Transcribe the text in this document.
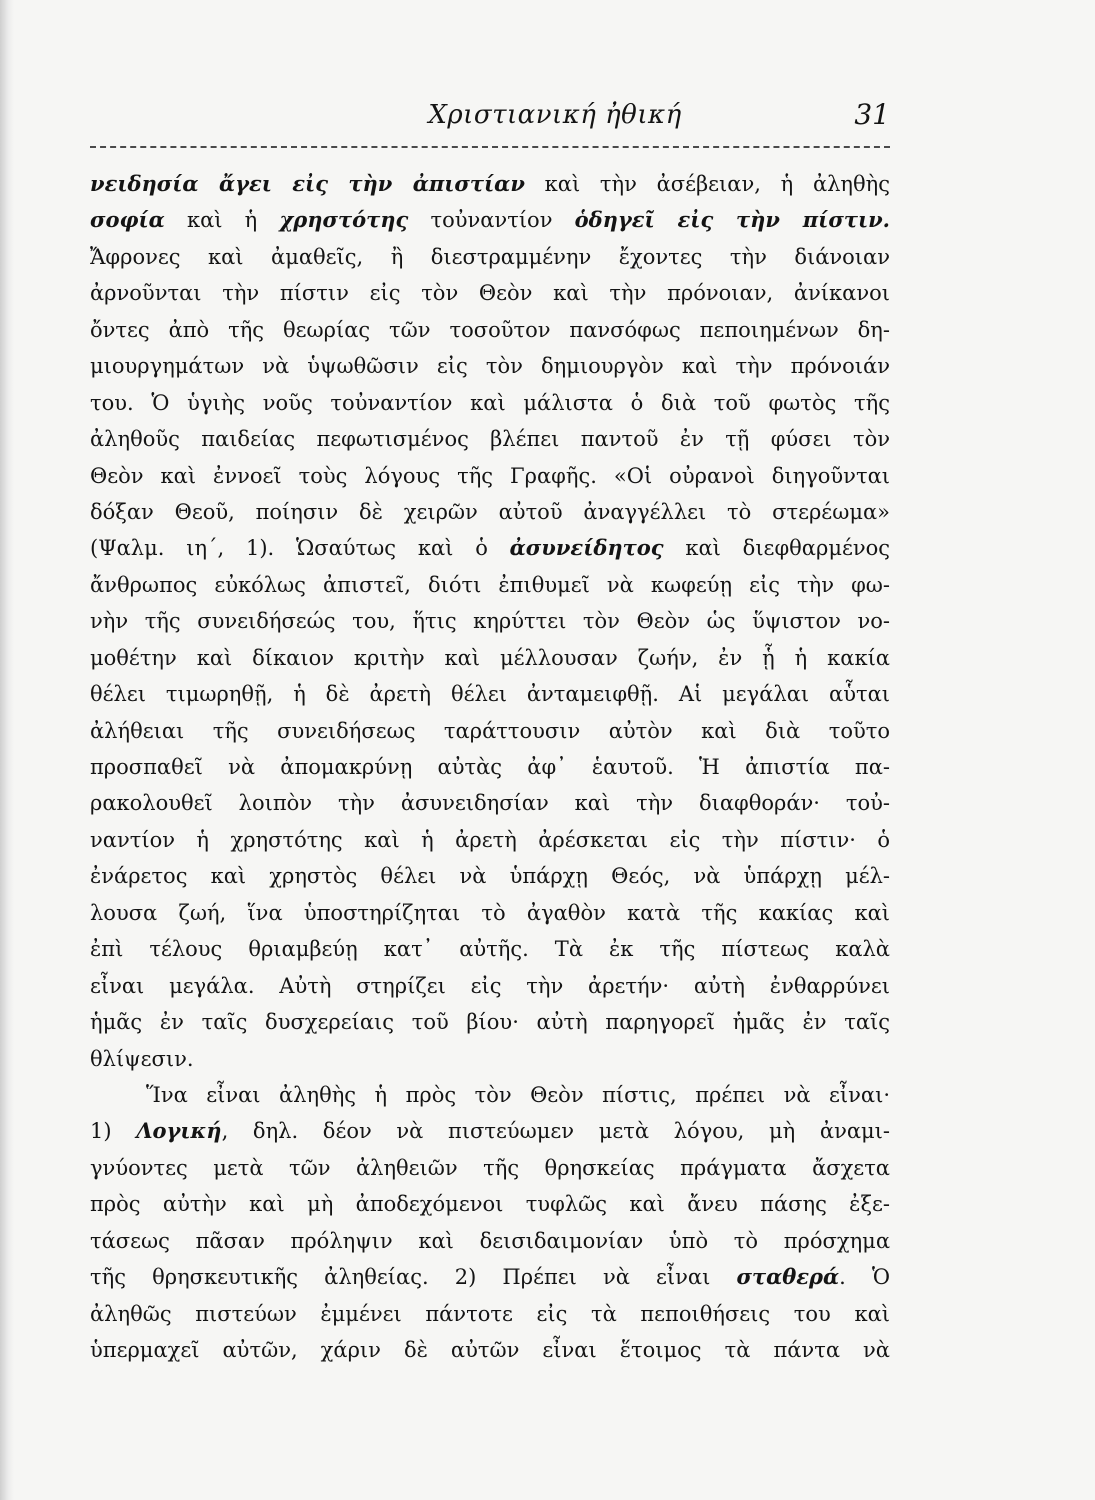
Χριστιανική ἠθική	31
νειδησία ἄγει εἰς τὴν ἀπιστίαν καὶ τὴν ἀσέβειαν, ἡ ἀληθὴς
σοφία καὶ ἡ χρηστότης τοὐναντίον ὁδηγεῖ εἰς τὴν πίστιν.
Ἄφρονες καὶ ἀμαθεῖς, ἢ διεστραμμένην ἔχοντες τὴν διάνοιαν
ἀρνοῦνται τὴν πίστιν εἰς τὸν Θεὸν καὶ τὴν πρόνοιαν, ἀνίκανοι
ὄντες ἀπὸ τῆς θεωρίας τῶν τοσοῦτον πανσόφως πεποιημένων δη-
μιουργημάτων νὰ ὑψωθῶσιν εἰς τὸν δημιουργὸν καὶ τὴν πρόνοιάν
του. Ὁ ὑγιὴς νοῦς τοὐναντίον καὶ μάλιστα ὁ διὰ τοῦ φωτὸς τῆς
ἀληθοῦς παιδείας πεφωτισμένος βλέπει παντοῦ ἐν τῇ φύσει τὸν
Θεὸν καὶ ἐννοεῖ τοὺς λόγους τῆς Γραφῆς. «Οἱ οὐρανοὶ διηγοῦνται
δόξαν Θεοῦ, ποίησιν δὲ χειρῶν αὐτοῦ ἀναγγέλλει τὸ στερέωμα»
(Ψαλμ. ιη΄, 1). Ὡσαύτως καὶ ὁ ἀσυνείδητος καὶ διεφθαρμένος
ἄνθρωπος εὐκόλως ἀπιστεῖ, διότι ἐπιθυμεῖ νὰ κωφεύῃ εἰς τὴν φω-
νὴν τῆς συνειδήσεώς του, ἥτις κηρύττει τὸν Θεὸν ὡς ὕψιστον νο-
μοθέτην καὶ δίκαιον κριτὴν καὶ μέλλουσαν ζωήν, ἐν ᾗ ἡ κακία
θέλει τιμωρηθῇ, ἡ δὲ ἀρετὴ θέλει ἀνταμειφθῇ. Αἱ μεγάλαι αὗται
ἀλήθειαι τῆς συνειδήσεως ταράττουσιν αὐτὸν καὶ διὰ τοῦτο
προσπαθεῖ νὰ ἀπομακρύνῃ αὐτὰς ἀφ᾽ ἑαυτοῦ. Ἡ ἀπιστία πα-
ρακολουθεῖ λοιπὸν τὴν ἀσυνειδησίαν καὶ τὴν διαφθοράν· τοὐ-
ναντίον ἡ χρηστότης καὶ ἡ ἀρετὴ ἀρέσκεται εἰς τὴν πίστιν· ὁ
ἐνάρετος καὶ χρηστὸς θέλει νὰ ὑπάρχῃ Θεός, νὰ ὑπάρχῃ μέλ-
λουσα ζωή, ἵνα ὑποστηρίζηται τὸ ἀγαθὸν κατὰ τῆς κακίας καὶ
ἐπὶ τέλους θριαμβεύῃ κατ᾽ αὐτῆς. Τὰ ἐκ τῆς πίστεως καλὰ
εἶναι μεγάλα. Αὐτὴ στηρίζει εἰς τὴν ἀρετήν· αὐτὴ ἐνθαρρύνει
ἡμᾶς ἐν ταῖς δυσχερείαις τοῦ βίου· αὐτὴ παρηγορεῖ ἡμᾶς ἐν ταῖς
θλίψεσιν.
Ἵνα εἶναι ἀληθὴς ἡ πρὸς τὸν Θεὸν πίστις, πρέπει νὰ εἶναι·
1) Λογική, δηλ. δέον νὰ πιστεύωμεν μετὰ λόγου, μὴ ἀναμι-
γνύοντες μετὰ τῶν ἀληθειῶν τῆς θρησκείας πράγματα ἄσχετα
πρὸς αὐτὴν καὶ μὴ ἀποδεχόμενοι τυφλῶς καὶ ἄνευ πάσης ἐξε-
τάσεως πᾶσαν πρόληψιν καὶ δεισιδαιμονίαν ὑπὸ τὸ πρόσχημα
τῆς θρησκευτικῆς ἀληθείας. 2) Πρέπει νὰ εἶναι σταθερά. Ὁ
ἀληθῶς πιστεύων ἐμμένει πάντοτε εἰς τὰ πεποιθήσεις του καὶ
ὑπερμαχεῖ αὐτῶν, χάριν δὲ αὐτῶν εἶναι ἕτοιμος τὰ πάντα νὰ
